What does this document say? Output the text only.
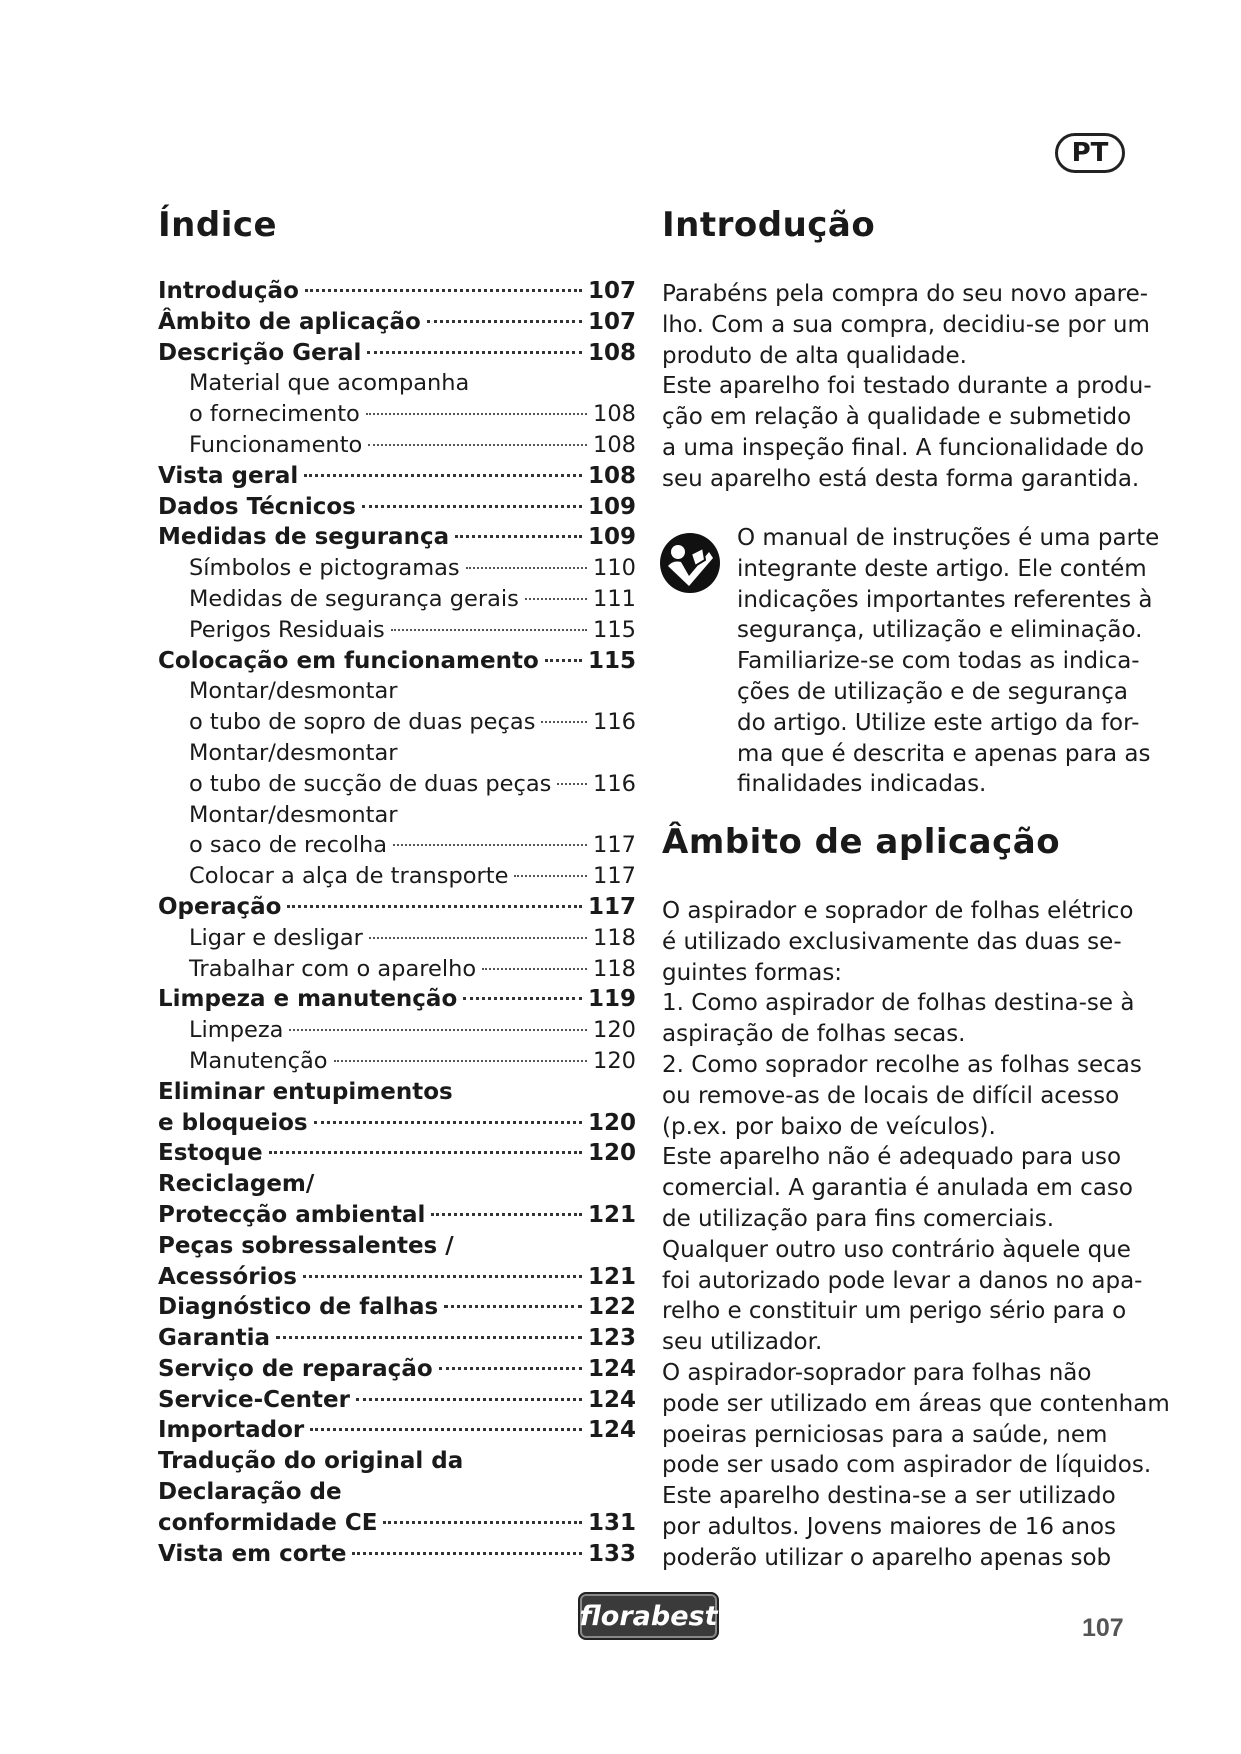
PT
Índice
Introdução	107
Âmbito de aplicação	107
Descrição Geral	108
Material que acompanha
o fornecimento	108
Funcionamento	108
Vista geral	108
Dados Técnicos	109
Medidas de segurança	109
Símbolos e pictogramas	110
Medidas de segurança gerais	111
Perigos Residuais	115
Colocação em funcionamento 115
Montar/desmontar
o tubo de sopro de duas peças	116
Montar/desmontar
o tubo de sucção de duas peças 116
Montar/desmontar
o saco de recolha	117
Colocar a alça de transporte	117
Operação	117
Ligar e desligar	118
Trabalhar com o aparelho	118
Limpeza e manutenção	119
Limpeza	120
Manutenção	120
Eliminar entupimentos
e bloqueios	120
Estoque	120
Reciclagem/
Protecção ambiental	121
Peças sobressalentes /
Acessórios	121
Diagnóstico de falhas	122
Garantia	123
Serviço de reparação	124
Service-Center	124
Importador	124
Tradução do original da
Declaração de
conformidade CE	131
Vista em corte	133
Introdução
Parabéns pela compra do seu novo apare-
lho. Com a sua compra, decidiu-se por um
produto de alta qualidade.
Este aparelho foi testado durante a produ-
ção em relação à qualidade e submetido
a uma inspeção final. A funcionalidade do
seu aparelho está desta forma garantida.
O manual de instruções é uma parte
integrante deste artigo. Ele contém
indicações importantes referentes à
segurança, utilização e eliminação.
Familiarize-se com todas as indica-
ções de utilização e de segurança
do artigo. Utilize este artigo da for-
ma que é descrita e apenas para as
finalidades indicadas.
Âmbito de aplicação
O aspirador e soprador de folhas elétrico
é utilizado exclusivamente das duas se-
guintes formas:
1. Como aspirador de folhas destina-se à
aspiração de folhas secas.
2. Como soprador recolhe as folhas secas
ou remove-as de locais de difícil acesso
(p.ex. por baixo de veículos).
Este aparelho não é adequado para uso
comercial. A garantia é anulada em caso
de utilização para fins comerciais.
Qualquer outro uso contrário àquele que
foi autorizado pode levar a danos no apa-
relho e constituir um perigo sério para o
seu utilizador.
O aspirador-soprador para folhas não
pode ser utilizado em áreas que contenham
poeiras perniciosas para a saúde, nem
pode ser usado com aspirador de líquidos.
Este aparelho destina-se a ser utilizado
por adultos. Jovens maiores de 16 anos
poderão utilizar o aparelho apenas sob
florabest	107
